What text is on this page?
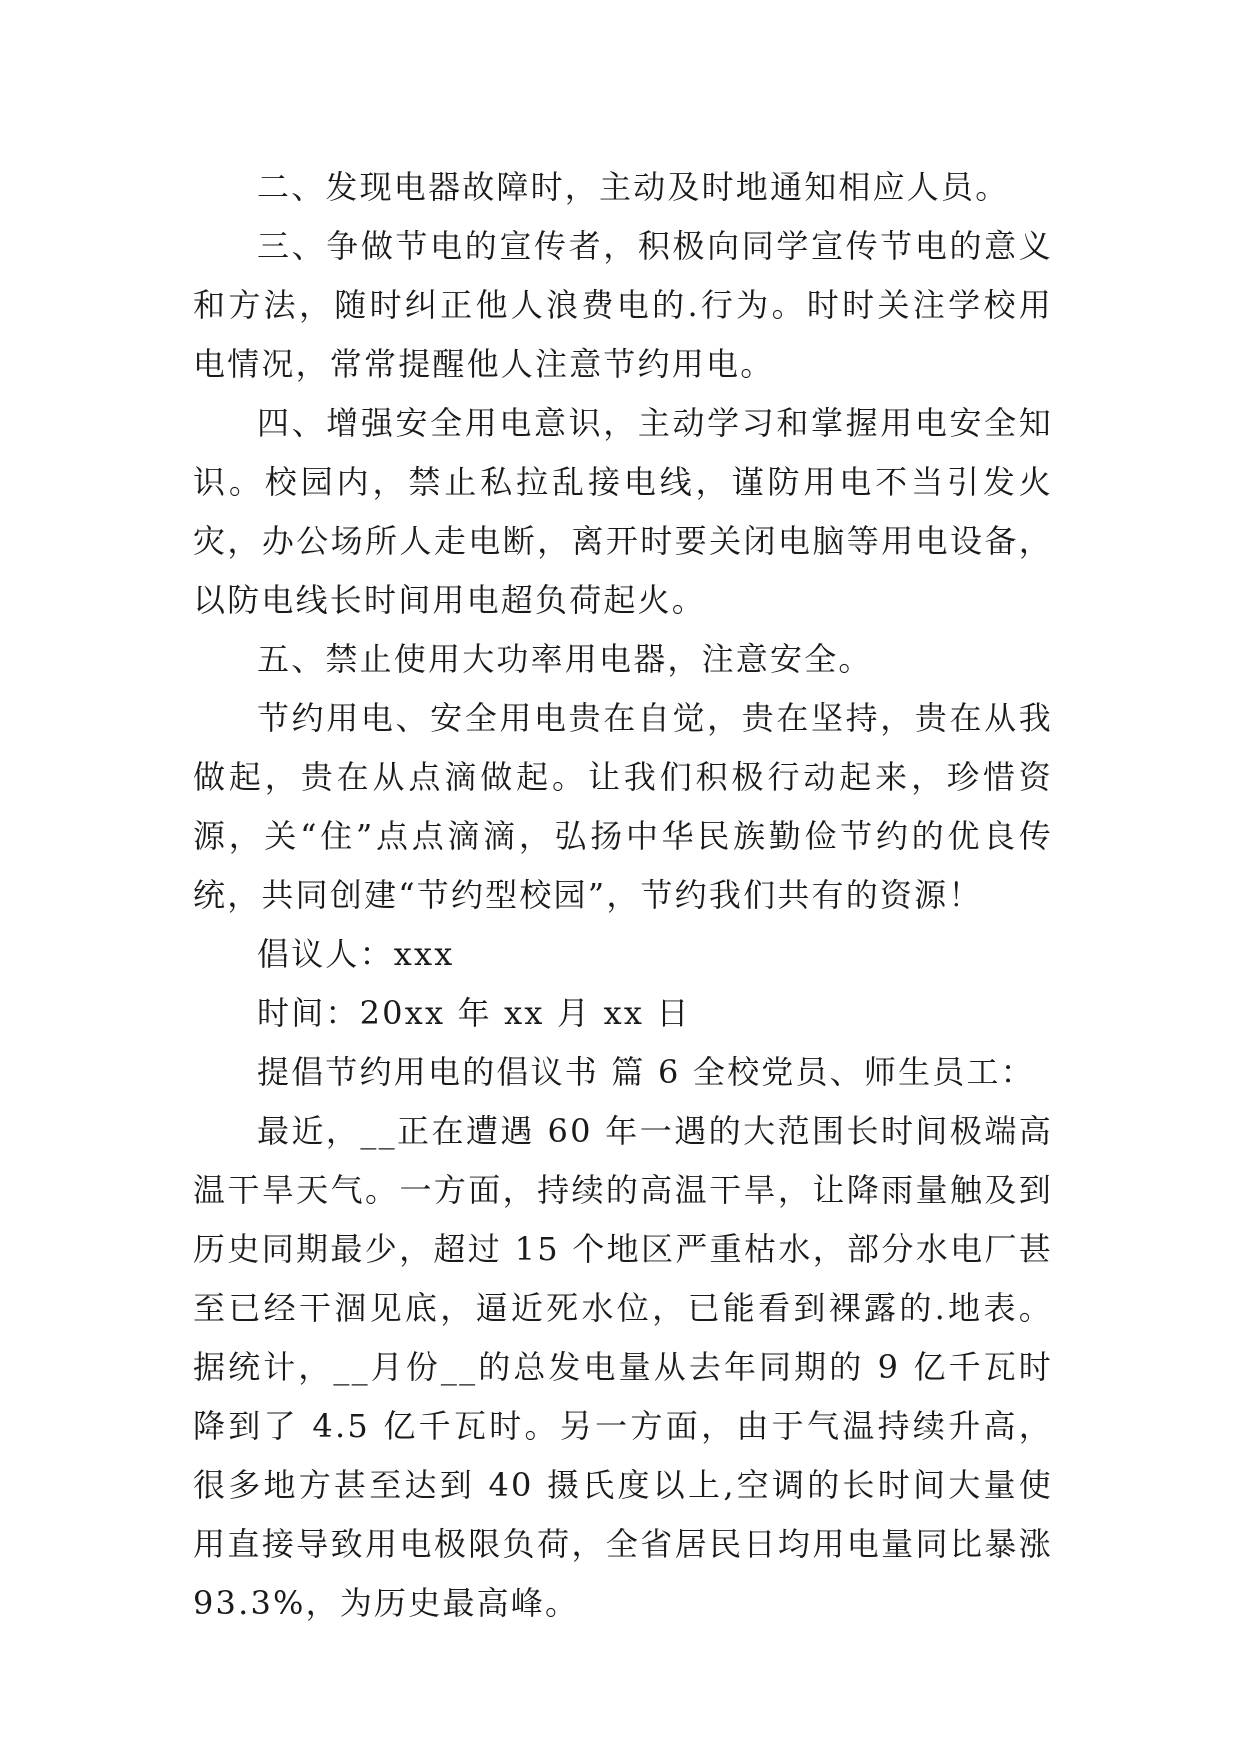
二、发现电器故障时，主动及时地通知相应人员。

三、争做节电的宣传者，积极向同学宣传节电的意义和方法，随时纠正他人浪费电的.行为。时时关注学校用电情况，常常提醒他人注意节约用电。

四、增强安全用电意识，主动学习和掌握用电安全知识。校园内，禁止私拉乱接电线，谨防用电不当引发火灾，办公场所人走电断，离开时要关闭电脑等用电设备，以防电线长时间用电超负荷起火。

五、禁止使用大功率用电器，注意安全。

节约用电、安全用电贵在自觉，贵在坚持，贵在从我做起，贵在从点滴做起。让我们积极行动起来，珍惜资源，关“住”点点滴滴，弘扬中华民族勤俭节约的优良传统，共同创建“节约型校园”，节约我们共有的资源！

倡议人：xxx

时间：20xx 年 xx 月 xx 日

提倡节约用电的倡议书 篇 6 全校党员、师生员工：

最近，__正在遭遇 60 年一遇的大范围长时间极端高温干旱天气。一方面，持续的高温干旱，让降雨量触及到历史同期最少，超过 15 个地区严重枯水，部分水电厂甚至已经干涸见底，逼近死水位，已能看到裸露的.地表。据统计，__月份__的总发电量从去年同期的 9 亿千瓦时降到了 4.5 亿千瓦时。另一方面，由于气温持续升高，很多地方甚至达到 40 摄氏度以上,空调的长时间大量使用直接导致用电极限负荷，全省居民日均用电量同比暴涨 93.3%，为历史最高峰。
